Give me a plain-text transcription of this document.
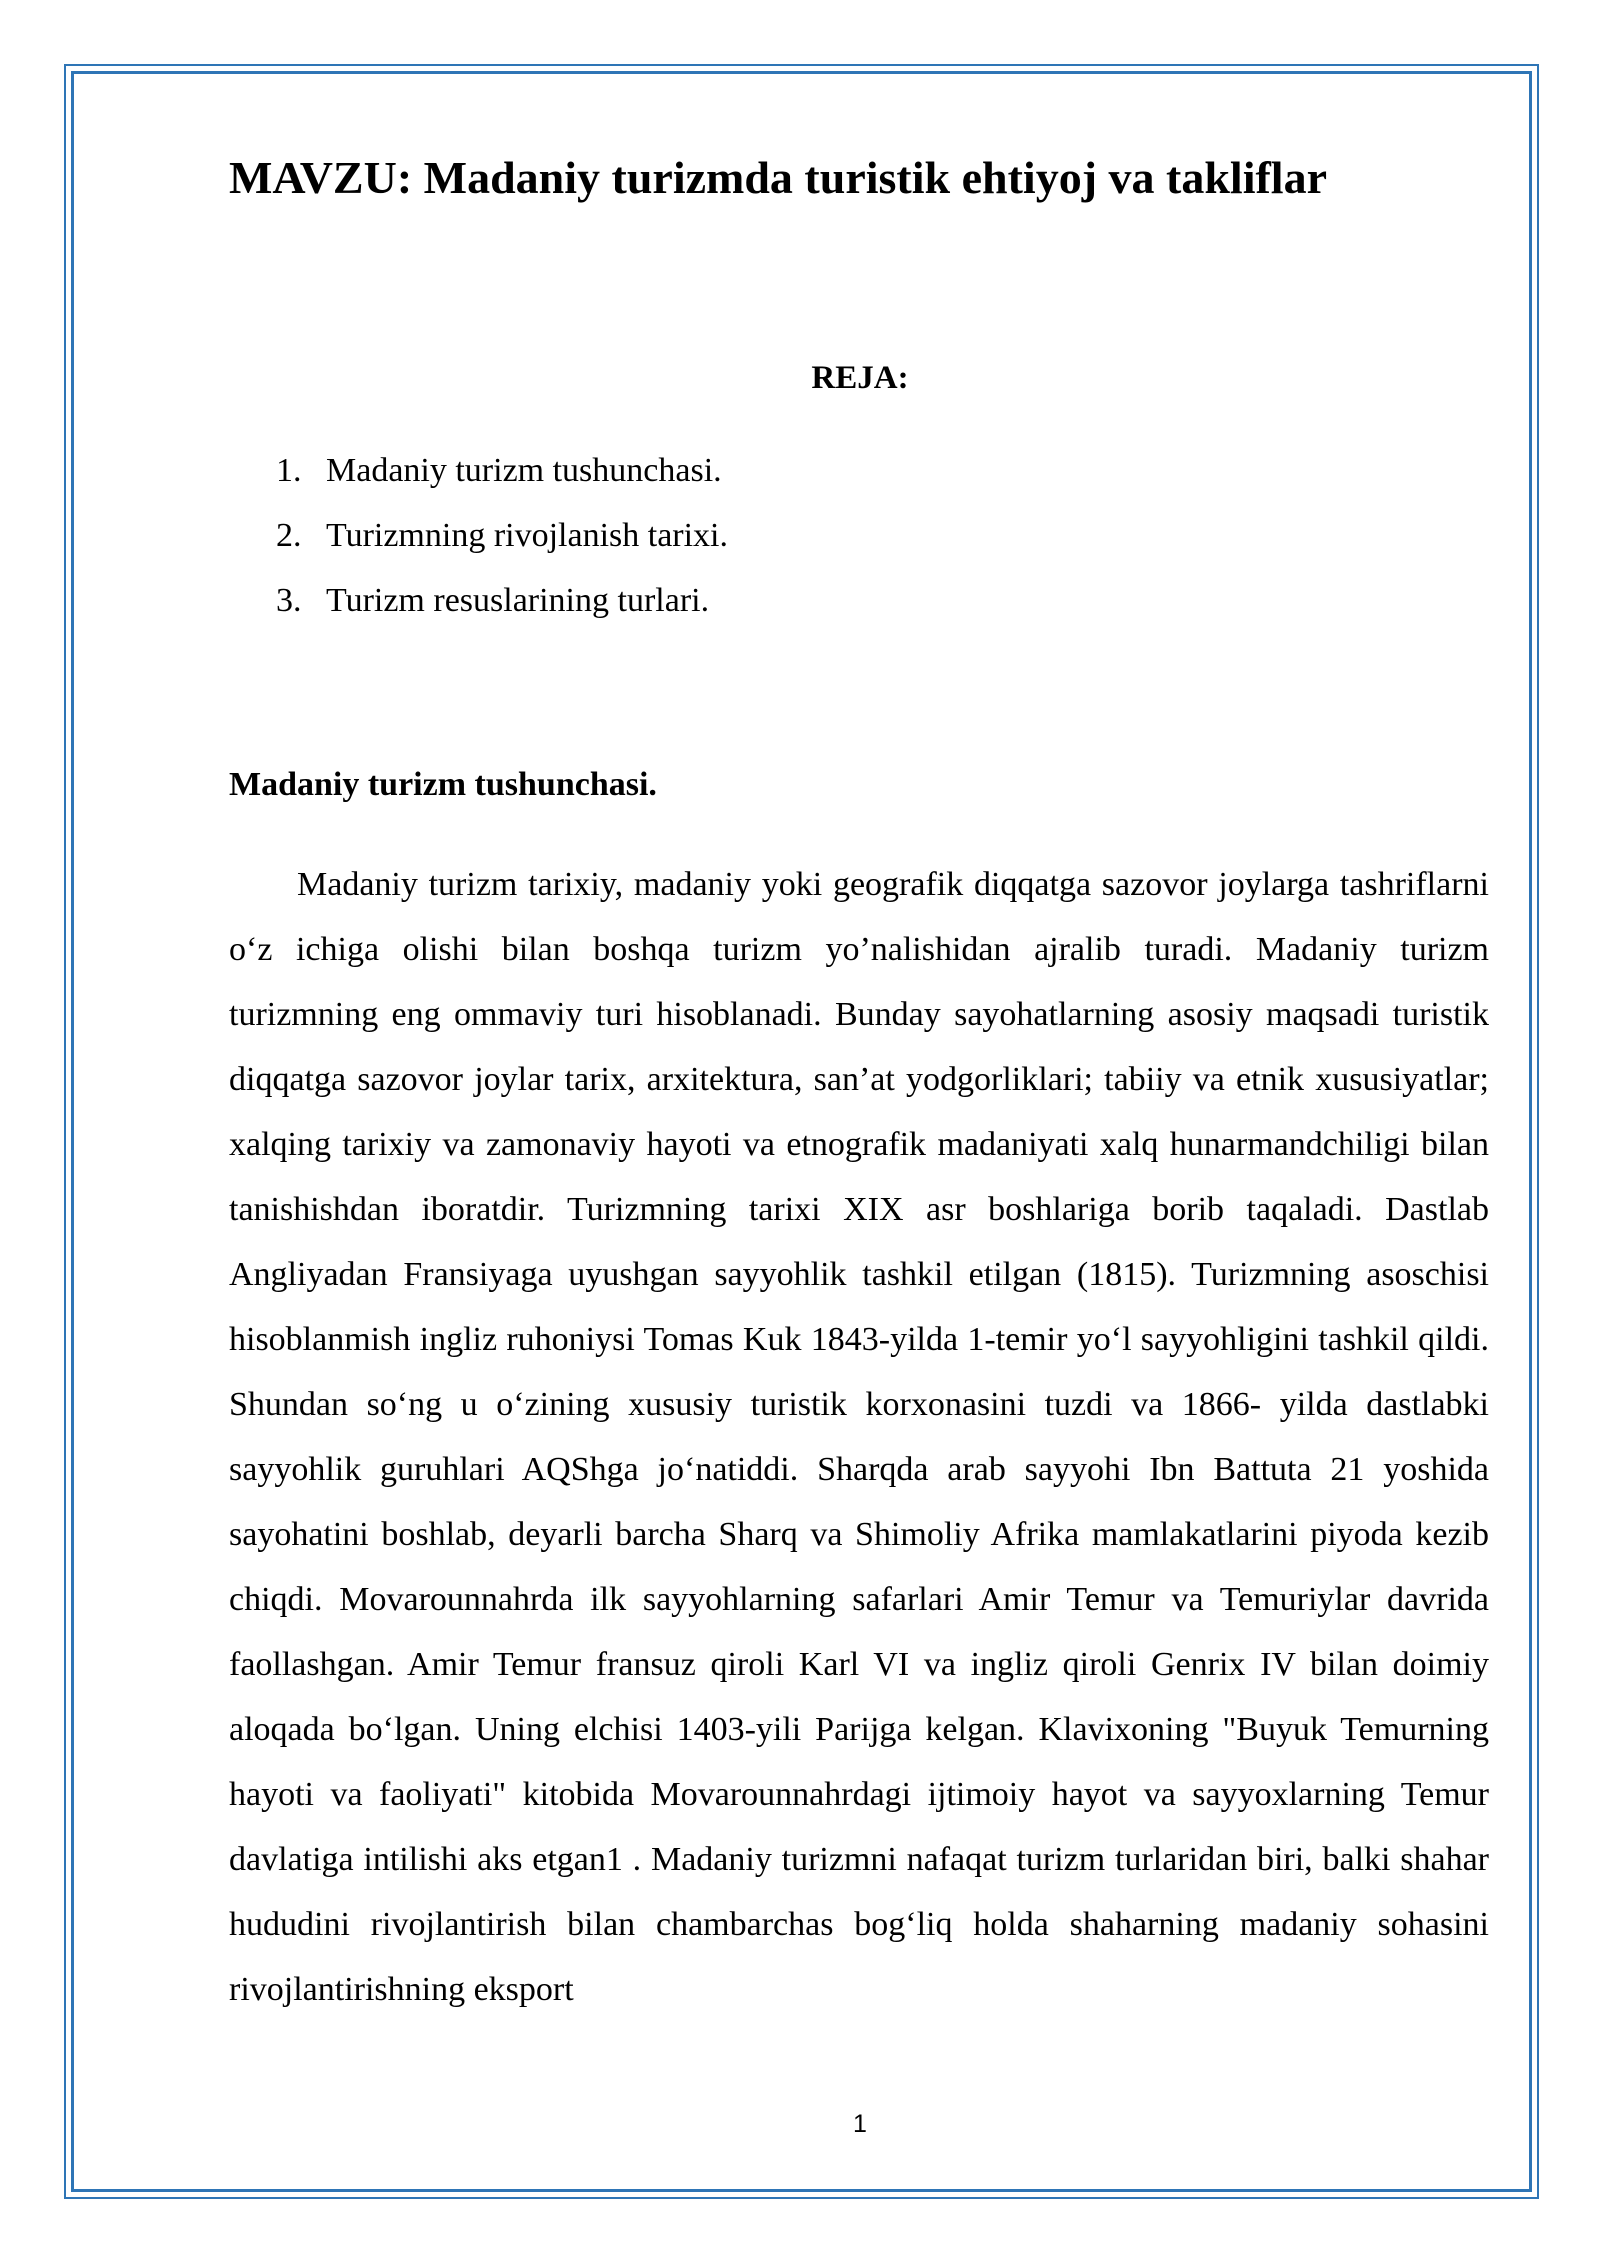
MAVZU: Madaniy turizmda turistik ehtiyoj va takliflar
REJA:
1. Madaniy turizm tushunchasi.
2. Turizmning rivojlanish tarixi.
3. Turizm resuslarining turlari.
Madaniy turizm tushunchasi.

Madaniy turizm tarixiy, madaniy yoki geografik diqqatga sazovor joylarga tashriflarni o‘z ichiga olishi bilan boshqa turizm yo’nalishidan ajralib turadi. Madaniy turizm turizmning eng ommaviy turi hisoblanadi. Bunday sayohatlarning asosiy maqsadi turistik diqqatga sazovor joylar tarix, arxitektura, san’at yodgorliklari; tabiiy va etnik xususiyatlar; xalqing tarixiy va zamonaviy hayoti va etnografik madaniyati xalq hunarmandchiligi bilan tanishishdan iboratdir. Turizmning tarixi XIX asr boshlariga borib taqaladi. Dastlab Angliyadan Fransiyaga uyushgan sayyohlik tashkil etilgan (1815). Turizmning asoschisi hisoblanmish ingliz ruhoniysi Tomas Kuk 1843-yilda 1-temir yo‘l sayyohligini tashkil qildi. Shundan so‘ng u o‘zining xususiy turistik korxonasini tuzdi va 1866- yilda dastlabki sayyohlik guruhlari AQShga jo‘natiddi. Sharqda arab sayyohi Ibn Battuta 21 yoshida sayohatini boshlab, deyarli barcha Sharq va Shimoliy Afrika mamlakatlarini piyoda kezib chiqdi. Movarounnahrda ilk sayyohlarning safarlari Amir Temur va Temuriylar davrida faollashgan. Amir Temur fransuz qiroli Karl VI va ingliz qiroli Genrix IV bilan doimiy aloqada bo‘lgan. Uning elchisi 1403-yili Parijga kelgan. Klavixoning "Buyuk Temurning hayoti va faoliyati" kitobida Movarounnahrdagi ijtimoiy hayot va sayyoxlarning Temur davlatiga intilishi aks etgan1 . Madaniy turizmni nafaqat turizm turlaridan biri, balki shahar hududini rivojlantirish bilan chambarchas bog‘liq holda shaharning madaniy sohasini rivojlantirishning eksport

1
